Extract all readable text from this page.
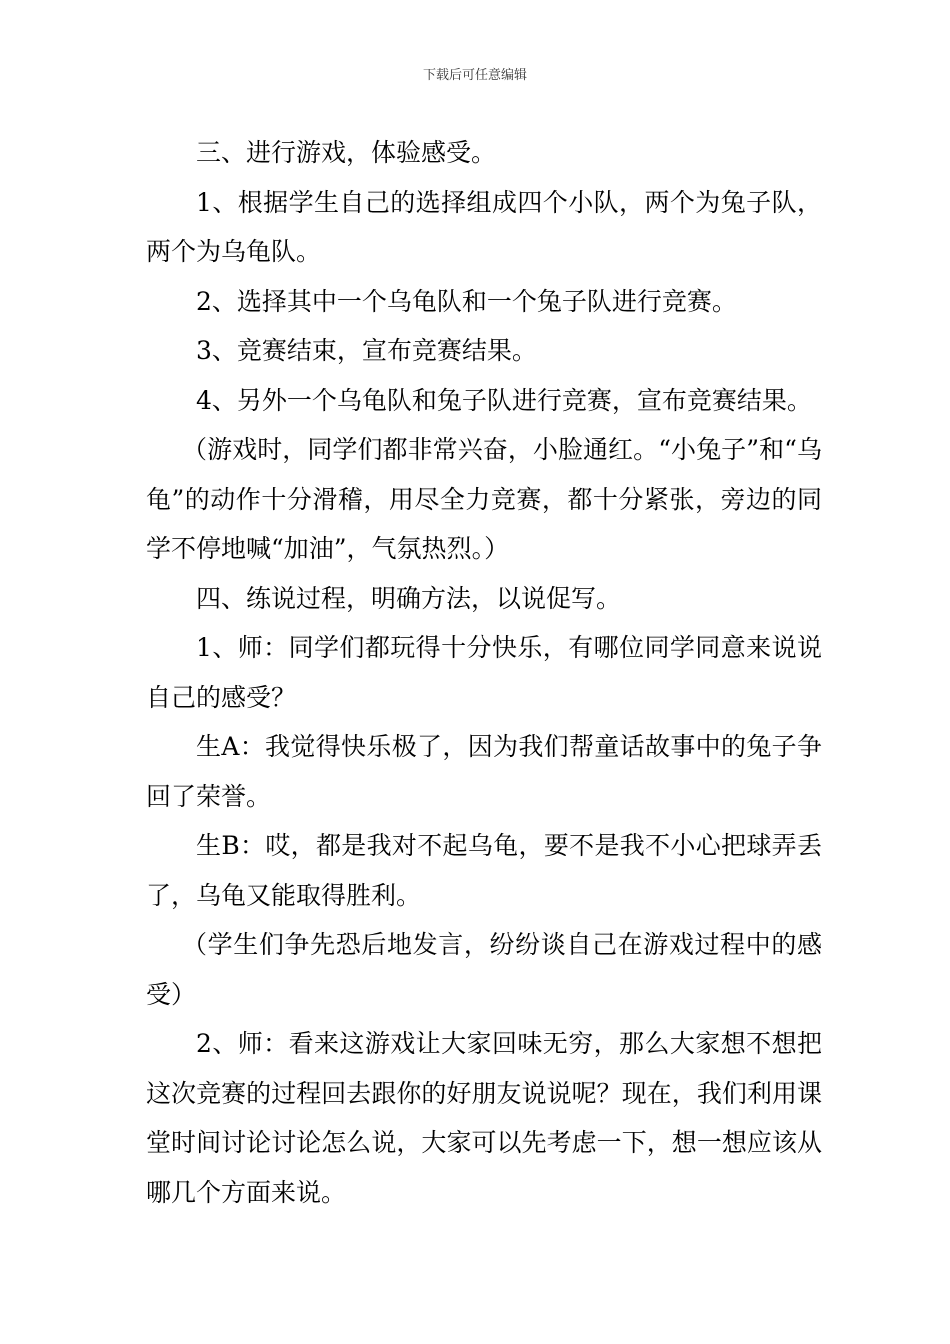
下载后可任意编辑

三、进行游戏，体验感受。

1、根据学生自己的选择组成四个小队，两个为兔子队，两个为乌龟队。

2、选择其中一个乌龟队和一个兔子队进行竞赛。

3、竞赛结束，宣布竞赛结果。

4、另外一个乌龟队和兔子队进行竞赛，宣布竞赛结果。

（游戏时，同学们都非常兴奋，小脸通红。“小兔子”和“乌龟”的动作十分滑稽，用尽全力竞赛，都十分紧张，旁边的同学不停地喊“加油”，气氛热烈。）

四、练说过程，明确方法，以说促写。

1、师：同学们都玩得十分快乐，有哪位同学同意来说说自己的感受？

生A：我觉得快乐极了，因为我们帮童话故事中的兔子争回了荣誉。

生B：哎，都是我对不起乌龟，要不是我不小心把球弄丢了，乌龟又能取得胜利。

（学生们争先恐后地发言，纷纷谈自己在游戏过程中的感受）

2、师：看来这游戏让大家回味无穷，那么大家想不想把这次竞赛的过程回去跟你的好朋友说说呢？现在，我们利用课堂时间讨论讨论怎么说，大家可以先考虑一下，想一想应该从哪几个方面来说。
